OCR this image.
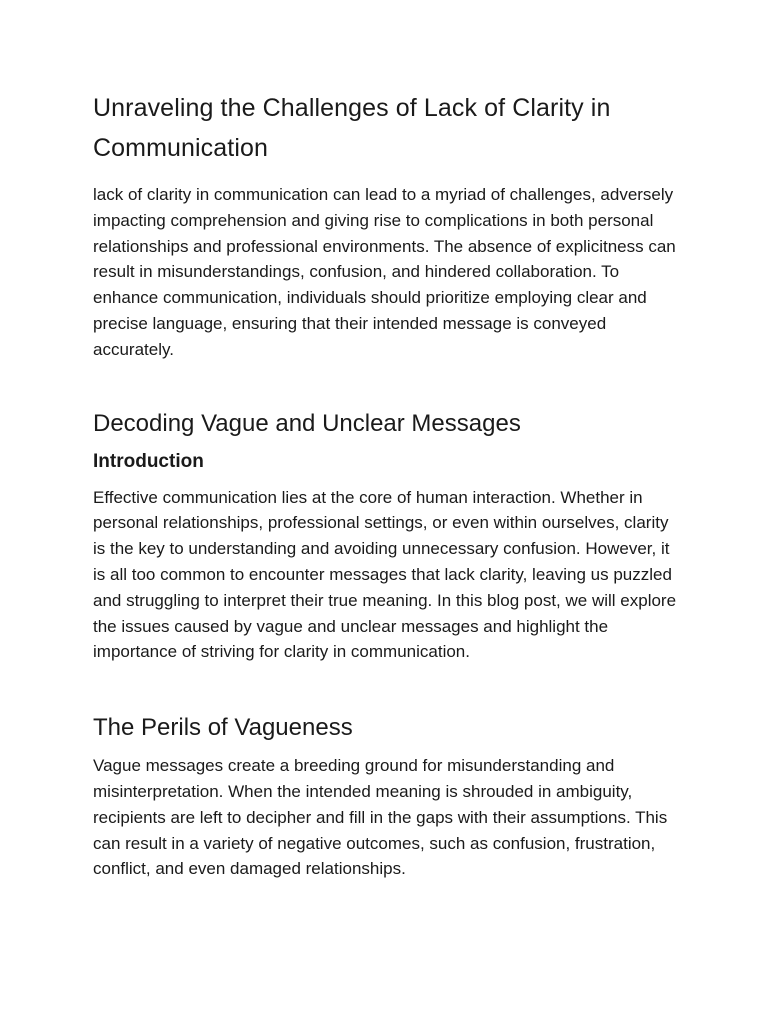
Unraveling the Challenges of Lack of Clarity in Communication

lack of clarity in communication can lead to a myriad of challenges, adversely impacting comprehension and giving rise to complications in both personal relationships and professional environments. The absence of explicitness can result in misunderstandings, confusion, and hindered collaboration. To enhance communication, individuals should prioritize employing clear and precise language, ensuring that their intended message is conveyed accurately.

Decoding Vague and Unclear Messages
Introduction

Effective communication lies at the core of human interaction. Whether in personal relationships, professional settings, or even within ourselves, clarity is the key to understanding and avoiding unnecessary confusion. However, it is all too common to encounter messages that lack clarity, leaving us puzzled and struggling to interpret their true meaning. In this blog post, we will explore the issues caused by vague and unclear messages and highlight the importance of striving for clarity in communication.

The Perils of Vagueness

Vague messages create a breeding ground for misunderstanding and misinterpretation. When the intended meaning is shrouded in ambiguity, recipients are left to decipher and fill in the gaps with their assumptions. This can result in a variety of negative outcomes, such as confusion, frustration, conflict, and even damaged relationships.
